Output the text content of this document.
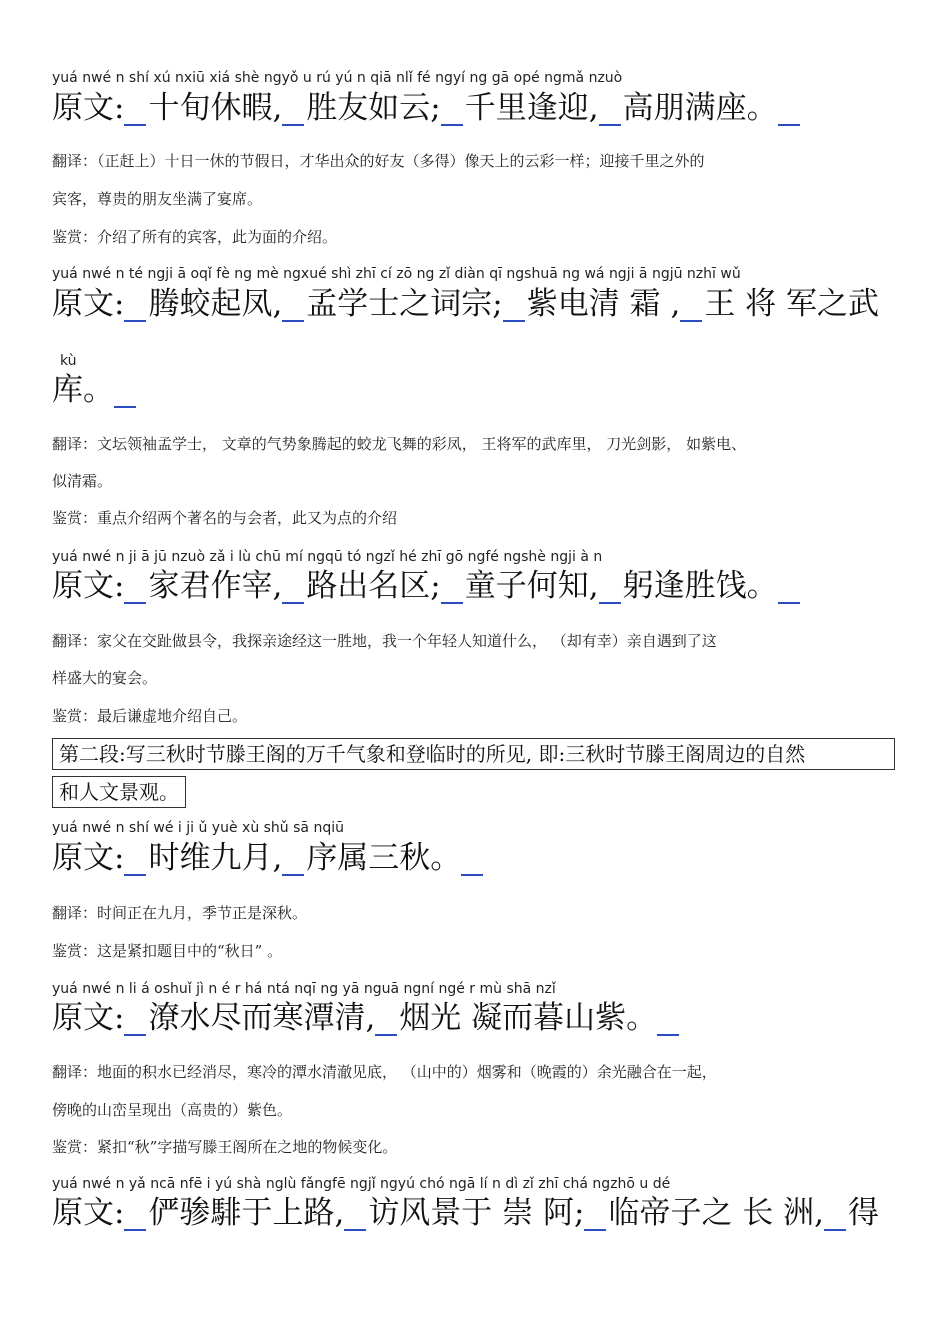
yuá nwé n shí xú nxiū xiá shè ngyǒ u rú yú n qiā nlǐ fé ngyí ng gā opé ngmǎ nzuò
原文: 十旬休暇, 胜友如云; 千里逢迎, 高朋满座。
翻译：（正赶上）十日一休的节假日，才华出众的好友（多得）像天上的云彩一样；迎接千里之外的
宾客，尊贵的朋友坐满了宴席。
鉴赏：介绍了所有的宾客，此为面的介绍。
yuá nwé n té ngji ā oqǐ fè ng mè ngxué shì zhī cí zō ng zǐ diàn qī ngshuā ng wá ngji ā ngjū nzhī wǔ
原文: 腾蛟起凤, 孟学士之词宗; 紫电清 霜 , 王 将 军之武
kù
库。
翻译：文坛领袖孟学士， 文章的气势象腾起的蛟龙飞舞的彩凤， 王将军的武库里， 刀光剑影， 如紫电、
似清霜。
鉴赏：重点介绍两个著名的与会者，此又为点的介绍
yuá nwé n ji ā jū nzuò zǎ i lù chū mí ngqū tó ngzǐ hé zhī gō ngfé ngshè ngji à n
原文: 家君作宰, 路出名区; 童子何知, 躬逢胜饯。
翻译：家父在交趾做县令，我探亲途经这一胜地，我一个年轻人知道什么， （却有幸）亲自遇到了这
样盛大的宴会。
鉴赏：最后谦虚地介绍自己。
第二段:写三秋时节滕王阁的万千气象和登临时的所见, 即:三秋时节滕王阁周边的自然
和人文景观。
yuá nwé n shí wé i ji ǔ yuè xù shǔ sā nqiū
原文: 时维九月, 序属三秋。
翻译：时间正在九月，季节正是深秋。
鉴赏：这是紧扣题目中的“秋日” 。
yuá nwé n li á oshuǐ jì n é r há ntá nqī ng yā nguā ngní ngé r mù shā nzǐ
原文: 潦水尽而寒潭清, 烟光 凝而暮山紫。
翻译：地面的积水已经消尽，寒冷的潭水清澈见底， （山中的）烟雾和（晚霞的）余光融合在一起，
傍晚的山峦呈现出（高贵的）紫色。
鉴赏：紧扣“秋”字描写滕王阁所在之地的物候变化。
yuá nwé n yǎ ncā nfē i yú shà nglù fǎngfē ngjǐ ngyú chó ngā lí n dì zǐ zhī chá ngzhō u dé
原文: 俨骖騑于上路, 访风景于 崇 阿; 临帝子之 长 洲, 得
